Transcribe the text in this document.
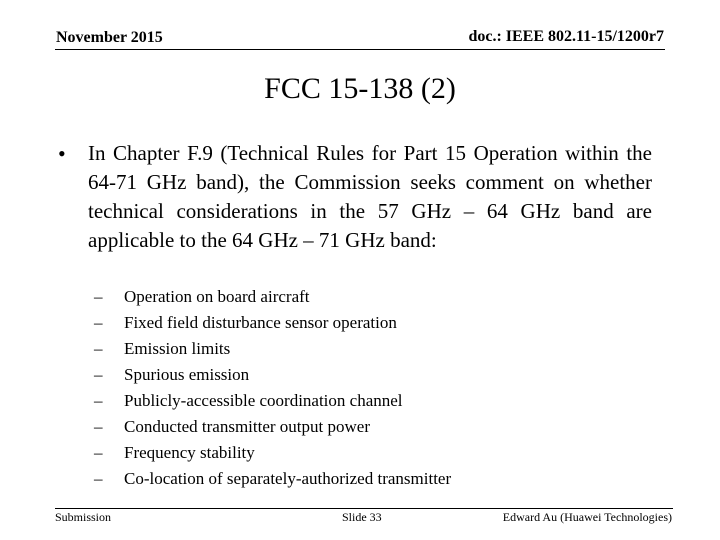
November 2015	doc.: IEEE 802.11-15/1200r7
FCC 15-138 (2)
•	In Chapter F.9 (Technical Rules for Part 15 Operation within the 64-71 GHz band), the Commission seeks comment on whether technical considerations in the 57 GHz – 64 GHz band are applicable to the 64 GHz – 71 GHz band:
–	Operation on board aircraft
–	Fixed field disturbance sensor operation
–	Emission limits
–	Spurious emission
–	Publicly-accessible coordination channel
–	Conducted transmitter output power
–	Frequency stability
–	Co-location of separately-authorized transmitter
Submission	Slide 33	Edward Au (Huawei Technologies)
